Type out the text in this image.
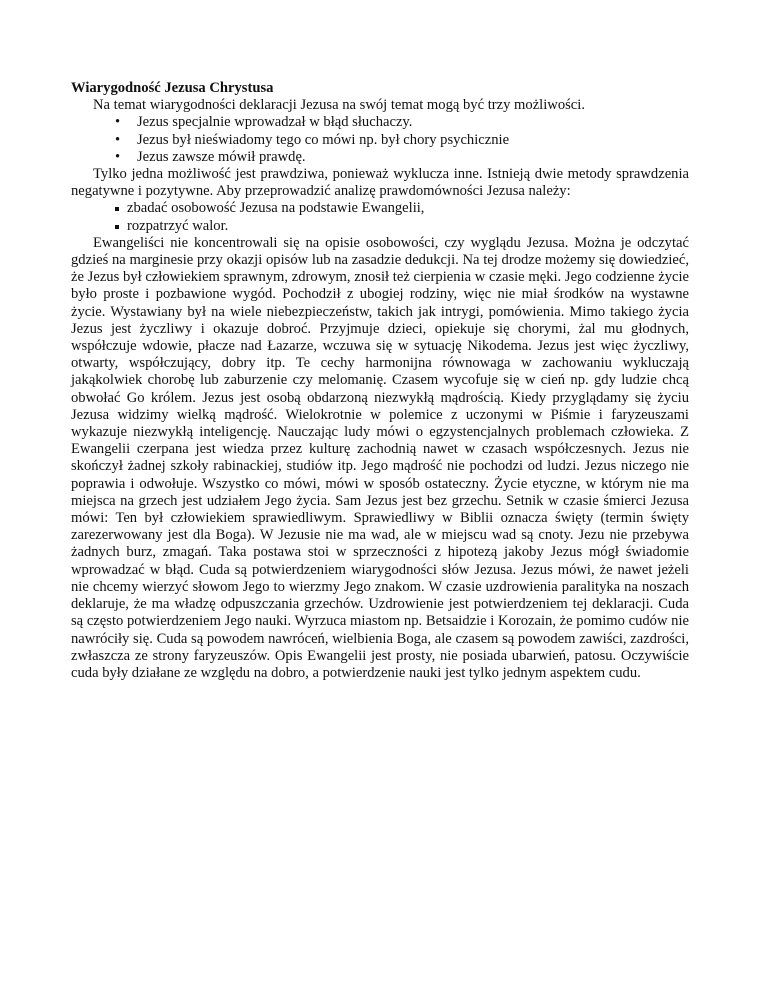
Wiarygodność Jezusa Chrystusa

Na temat wiarygodności deklaracji Jezusa na swój temat mogą być trzy możliwości.

• Jezus specjalnie wprowadzał w błąd słuchaczy.
• Jezus był nieświadomy tego co mówi np. był chory psychicznie
• Jezus zawsze mówił prawdę.

Tylko jedna możliwość jest prawdziwa, ponieważ wyklucza inne. Istnieją dwie metody sprawdzenia negatywne i pozytywne. Aby przeprowadzić analizę prawdomówności Jezusa należy:

zbadać osobowość Jezusa na podstawie Ewangelii,
rozpatrzyć walor.

Ewangeliści nie koncentrowali się na opisie osobowości, czy wyglądu Jezusa. Można je odczytać gdzieś na marginesie przy okazji opisów lub na zasadzie dedukcji. Na tej drodze możemy się dowiedzieć, że Jezus był człowiekiem sprawnym, zdrowym, znosił też cierpienia w czasie męki. Jego codzienne życie było proste i pozbawione wygód. Pochodził z ubogiej rodziny, więc nie miał środków na wystawne życie. Wystawiany był na wiele niebezpieczeństw, takich jak intrygi, pomówienia. Mimo takiego życia Jezus jest życzliwy i okazuje dobroć. Przyjmuje dzieci, opiekuje się chorymi, żal mu głodnych, współczuje wdowie, płacze nad Łazarze, wczuwa się w sytuację Nikodema. Jezus jest więc życzliwy, otwarty, współczujący, dobry itp. Te cechy harmonijna równowaga w zachowaniu wykluczają jakąkolwiek chorobę lub zaburzenie czy melomanię. Czasem wycofuje się w cień np. gdy ludzie chcą obwołać Go królem. Jezus jest osobą obdarzoną niezwykłą mądrością. Kiedy przyglądamy się życiu Jezusa widzimy wielką mądrość. Wielokrotnie w polemice z uczonymi w Piśmie i faryzeuszami wykazuje niezwykłą inteligencję. Nauczając ludy mówi o egzystencjalnych problemach człowieka. Z Ewangelii czerpana jest wiedza przez kulturę zachodnią nawet w czasach współczesnych. Jezus nie skończył żadnej szkoły rabinackiej, studiów itp. Jego mądrość nie pochodzi od ludzi. Jezus niczego nie poprawia i odwołuje. Wszystko co mówi, mówi w sposób ostateczny. Życie etyczne, w którym nie ma miejsca na grzech jest udziałem Jego życia. Sam Jezus jest bez grzechu. Setnik w czasie śmierci Jezusa mówi: Ten był człowiekiem sprawiedliwym. Sprawiedliwy w Biblii oznacza święty (termin święty zarezerwowany jest dla Boga). W Jezusie nie ma wad, ale w miejscu wad są cnoty. Jezu nie przebywa żadnych burz, zmagań. Taka postawa stoi w sprzeczności z hipotezą jakoby Jezus mógł świadomie wprowadzać w błąd. Cuda są potwierdzeniem wiarygodności słów Jezusa. Jezus mówi, że nawet jeżeli nie chcemy wierzyć słowom Jego to wierzmy Jego znakom. W czasie uzdrowienia paralityka na noszach deklaruje, że ma władzę odpuszczania grzechów. Uzdrowienie jest potwierdzeniem tej deklaracji. Cuda są często potwierdzeniem Jego nauki. Wyrzuca miastom np. Betsaidzie i Korozain, że pomimo cudów nie nawróciły się. Cuda są powodem nawróceń, wielbienia Boga, ale czasem są powodem zawiści, zazdrości, zwłaszcza ze strony faryzeuszów. Opis Ewangelii jest prosty, nie posiada ubarwień, patosu. Oczywiście cuda były działane ze względu na dobro, a potwierdzenie nauki jest tylko jednym aspektem cudu.
